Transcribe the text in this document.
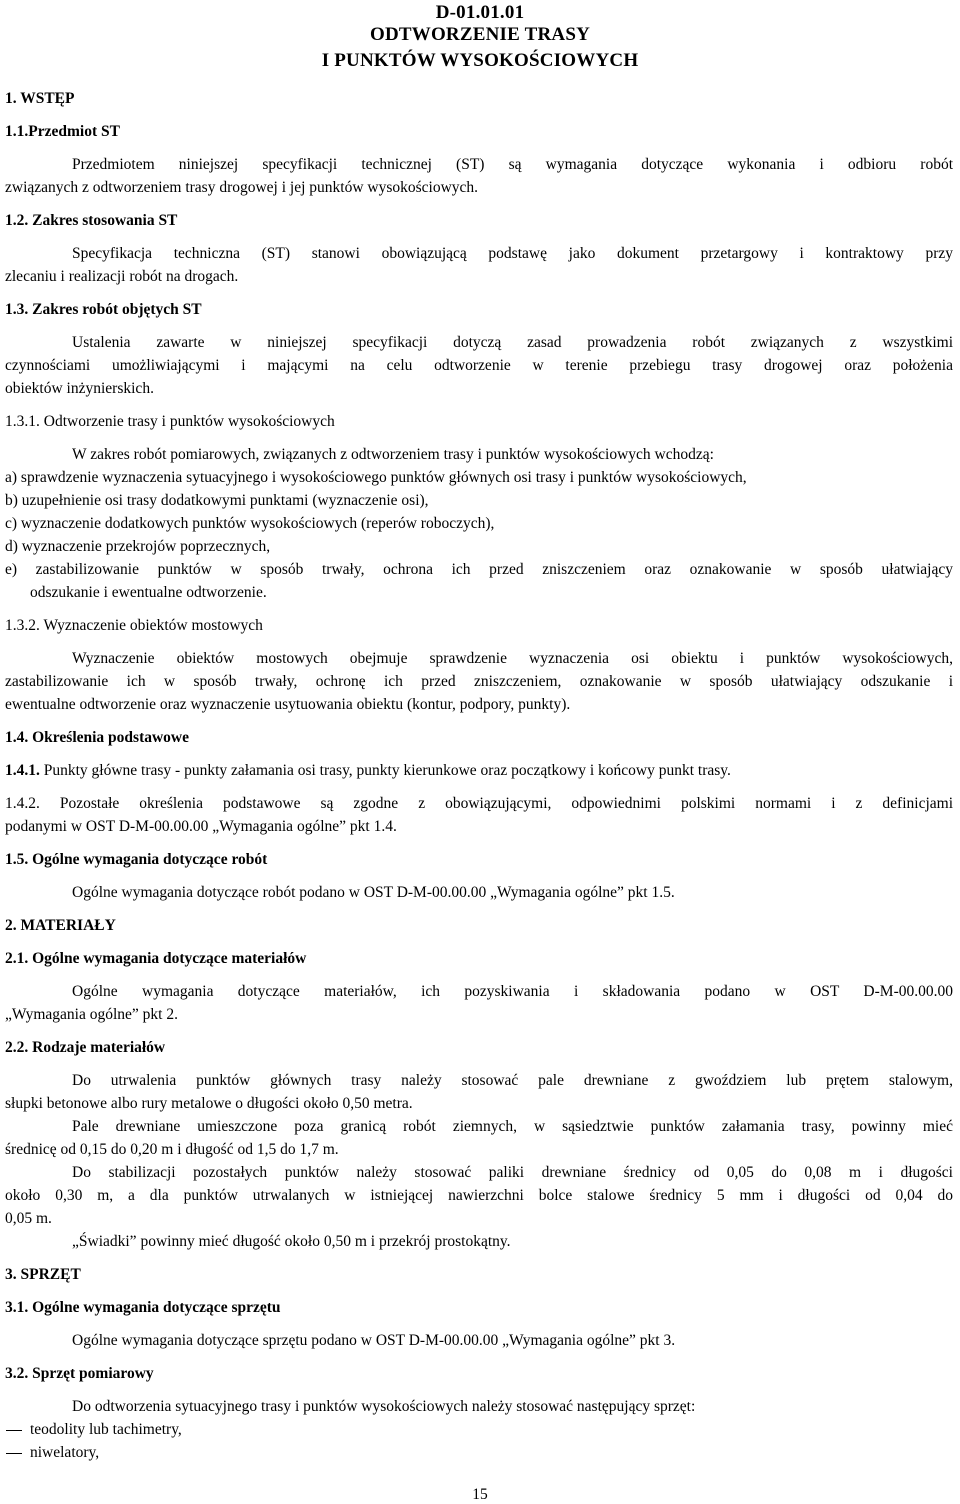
D-01.01.01
ODTWORZENIE TRASY
I PUNKTÓW WYSOKOŚCIOWYCH
1. WSTĘP
1.1.Przedmiot ST
Przedmiotem niniejszej specyfikacji technicznej (ST) są wymagania dotyczące wykonania i odbioru robót
związanych z odtworzeniem trasy drogowej i jej punktów wysokościowych.
1.2. Zakres stosowania ST
Specyfikacja techniczna (ST) stanowi obowiązującą podstawę jako dokument przetargowy i kontraktowy przy
zlecaniu i realizacji robót na drogach.
1.3. Zakres robót objętych ST
Ustalenia zawarte w niniejszej specyfikacji dotyczą zasad prowadzenia robót związanych z wszystkimi
czynnościami umożliwiającymi i mającymi na celu odtworzenie w terenie przebiegu trasy drogowej oraz położenia
obiektów inżynierskich.
1.3.1. Odtworzenie trasy i punktów wysokościowych
W zakres robót pomiarowych, związanych z odtworzeniem trasy i punktów wysokościowych wchodzą:
a) sprawdzenie wyznaczenia sytuacyjnego i wysokościowego punktów głównych osi trasy i punktów wysokościowych,
b) uzupełnienie osi trasy dodatkowymi punktami (wyznaczenie osi),
c) wyznaczenie dodatkowych punktów wysokościowych (reperów roboczych),
d) wyznaczenie przekrojów poprzecznych,
e) zastabilizowanie punktów w sposób trwały, ochrona ich przed zniszczeniem oraz oznakowanie w sposób ułatwiający
odszukanie i ewentualne odtworzenie.
1.3.2. Wyznaczenie obiektów mostowych
Wyznaczenie obiektów mostowych obejmuje sprawdzenie wyznaczenia osi obiektu i punktów wysokościowych,
zastabilizowanie ich w sposób trwały, ochronę ich przed zniszczeniem, oznakowanie w sposób ułatwiający odszukanie i
ewentualne odtworzenie oraz wyznaczenie usytuowania obiektu (kontur, podpory, punkty).
1.4. Określenia podstawowe
1.4.1. Punkty główne trasy - punkty załamania osi trasy, punkty kierunkowe oraz początkowy i końcowy punkt trasy.
1.4.2. Pozostałe określenia podstawowe są zgodne z obowiązującymi, odpowiednimi polskimi normami i z definicjami
podanymi w OST D-M-00.00.00 „Wymagania ogólne” pkt 1.4.
1.5. Ogólne wymagania dotyczące robót
Ogólne wymagania dotyczące robót podano w OST D-M-00.00.00 „Wymagania ogólne” pkt 1.5.
2. MATERIAŁY
2.1. Ogólne wymagania dotyczące materiałów
Ogólne wymagania dotyczące materiałów, ich pozyskiwania i składowania podano w OST D-M-00.00.00
„Wymagania ogólne” pkt 2.
2.2. Rodzaje materiałów
Do utrwalenia punktów głównych trasy należy stosować pale drewniane z gwoździem lub prętem stalowym,
słupki betonowe albo rury metalowe o długości około 0,50 metra.
Pale drewniane umieszczone poza granicą robót ziemnych, w sąsiedztwie punktów załamania trasy, powinny mieć
średnicę od 0,15 do 0,20 m i długość od 1,5 do 1,7 m.
Do stabilizacji pozostałych punktów należy stosować paliki drewniane średnicy od 0,05 do 0,08 m i długości
około 0,30 m, a dla punktów utrwalanych w istniejącej nawierzchni bolce stalowe średnicy 5 mm i długości od 0,04 do
0,05 m.
„Świadki” powinny mieć długość około 0,50 m i przekrój prostokątny.
3. SPRZĘT
3.1. Ogólne wymagania dotyczące sprzętu
Ogólne wymagania dotyczące sprzętu podano w OST D-M-00.00.00 „Wymagania ogólne” pkt 3.
3.2. Sprzęt pomiarowy
Do odtworzenia sytuacyjnego trasy i punktów wysokościowych należy stosować następujący sprzęt:
teodolity lub tachimetry,
niwelatory,
15
